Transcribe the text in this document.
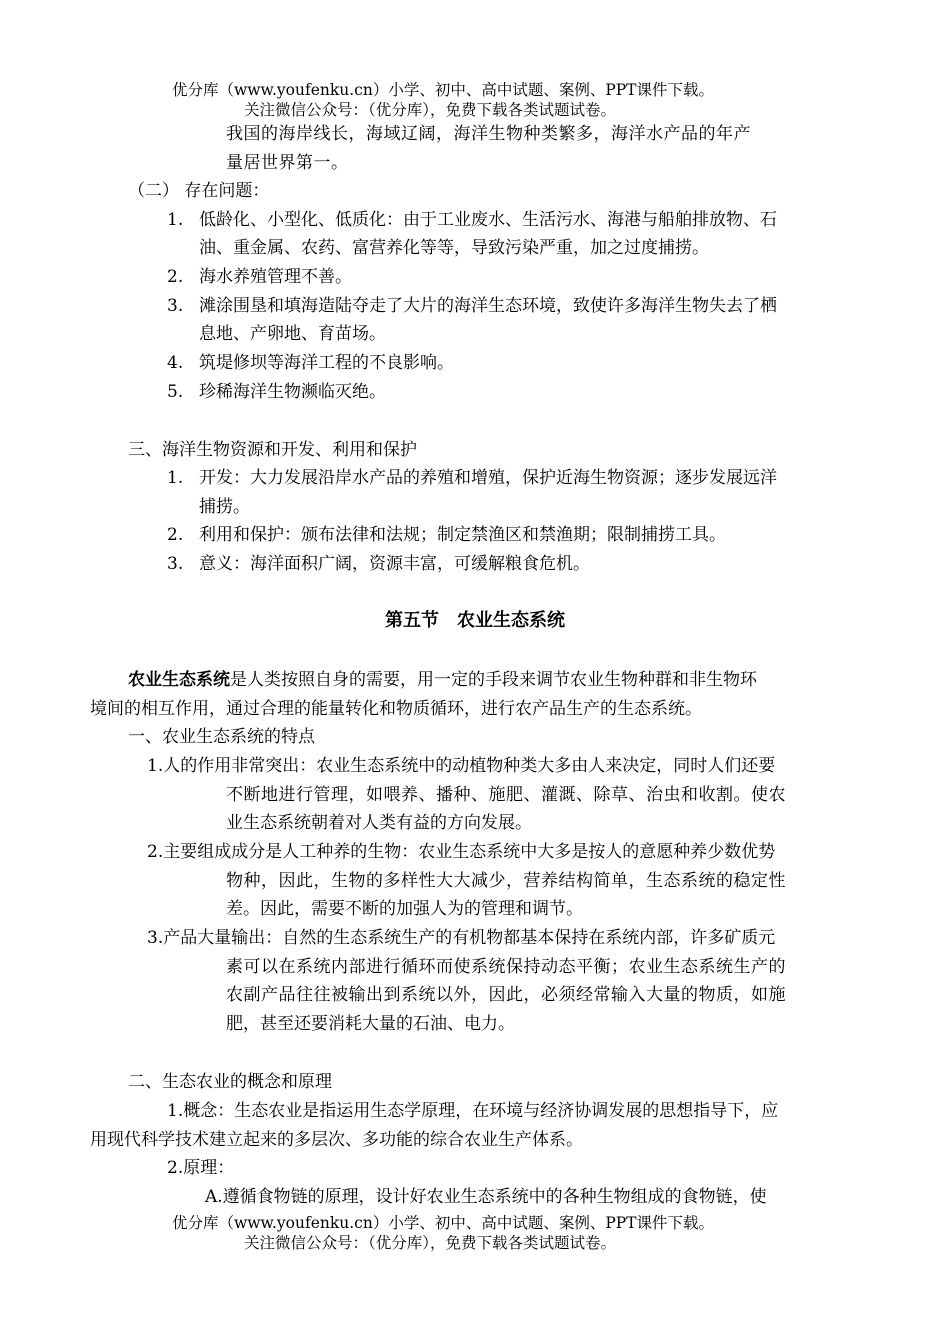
优分库（www.youfenku.cn）小学、初中、高中试题、案例、PPT课件下载。
关注微信公众号：（优分库），免费下载各类试题试卷。
我国的海岸线长，海域辽阔，海洋生物种类繁多，海洋水产品的年产
量居世界第一。
（二） 存在问题：
1. 低龄化、小型化、低质化：由于工业废水、生活污水、海港与船舶排放物、石
油、重金属、农药、富营养化等等，导致污染严重，加之过度捕捞。
2. 海水养殖管理不善。
3. 滩涂围垦和填海造陆夺走了大片的海洋生态环境，致使许多海洋生物失去了栖
息地、产卵地、育苗场。
4. 筑堤修坝等海洋工程的不良影响。
5. 珍稀海洋生物濒临灭绝。
三、海洋生物资源和开发、利用和保护
1. 开发：大力发展沿岸水产品的养殖和增殖，保护近海生物资源；逐步发展远洋
捕捞。
2. 利用和保护：颁布法律和法规；制定禁渔区和禁渔期；限制捕捞工具。
3. 意义：海洋面积广阔，资源丰富，可缓解粮食危机。
第五节　农业生态系统
农业生态系统是人类按照自身的需要，用一定的手段来调节农业生物种群和非生物环
境间的相互作用，通过合理的能量转化和物质循环，进行农产品生产的生态系统。
一、农业生态系统的特点
1.人的作用非常突出：农业生态系统中的动植物种类大多由人来决定，同时人们还要
不断地进行管理，如喂养、播种、施肥、灌溉、除草、治虫和收割。使农
业生态系统朝着对人类有益的方向发展。
2.主要组成成分是人工种养的生物：农业生态系统中大多是按人的意愿种养少数优势
物种，因此，生物的多样性大大减少，营养结构简单，生态系统的稳定性
差。因此，需要不断的加强人为的管理和调节。
3.产品大量输出：自然的生态系统生产的有机物都基本保持在系统内部，许多矿质元
素可以在系统内部进行循环而使系统保持动态平衡；农业生态系统生产的
农副产品往往被输出到系统以外，因此，必须经常输入大量的物质，如施
肥，甚至还要消耗大量的石油、电力。
二、生态农业的概念和原理
1.概念：生态农业是指运用生态学原理，在环境与经济协调发展的思想指导下，应
用现代科学技术建立起来的多层次、多功能的综合农业生产体系。
2.原理：
A.遵循食物链的原理，设计好农业生态系统中的各种生物组成的食物链，使
优分库（www.youfenku.cn）小学、初中、高中试题、案例、PPT课件下载。
关注微信公众号：（优分库），免费下载各类试题试卷。
